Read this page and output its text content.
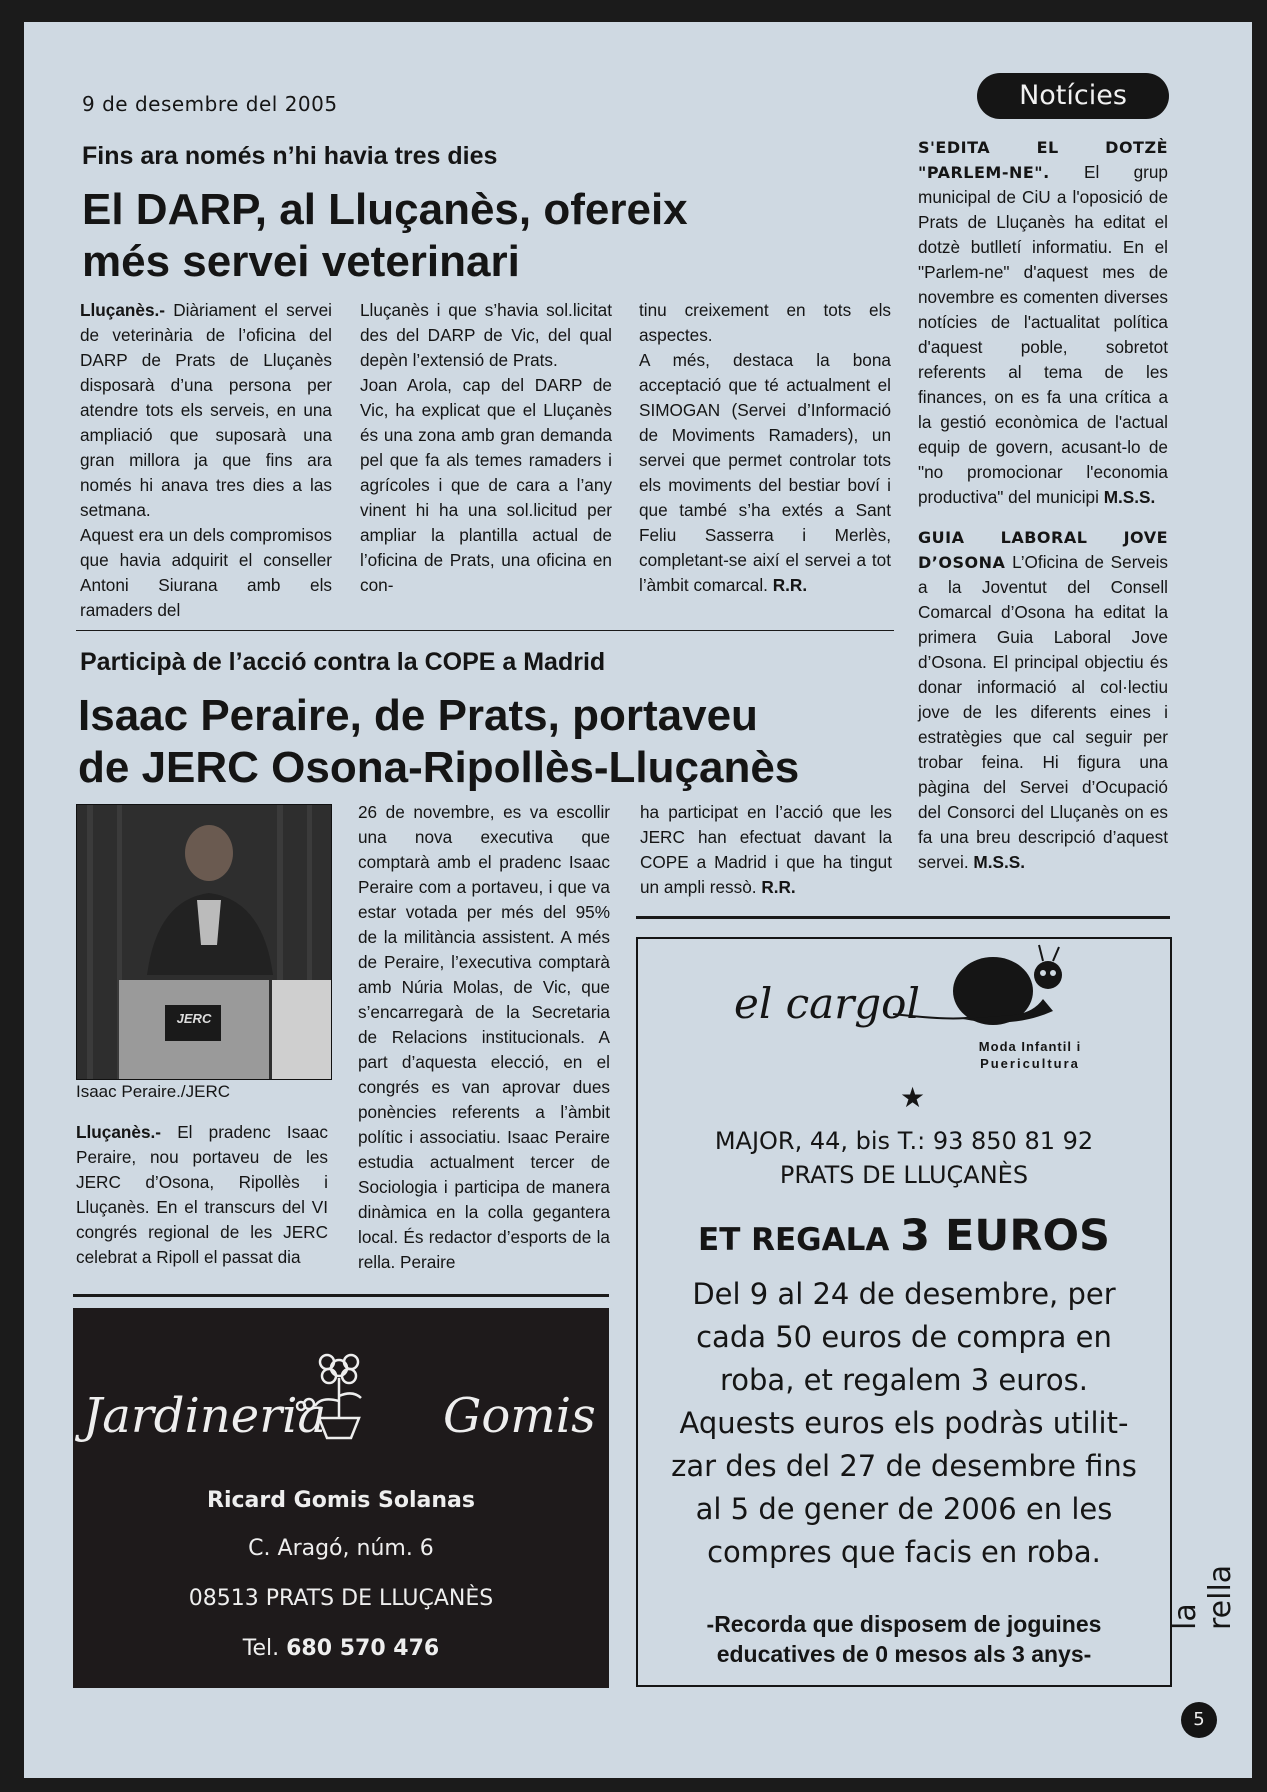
9 de desembre del 2005	Notícies
Fins ara només n’hi havia tres dies
El DARP, al Lluçanès, ofereix
més servei veterinari

Lluçanès.- Diàriament el servei de veterinària de l’oficina del DARP de Prats de Lluçanès disposarà d’una persona per atendre tots els serveis, en una ampliació que suposarà una gran millora ja que fins ara només hi anava tres dies a las setmana.

Aquest era un dels compromisos que havia adquirit el conseller Antoni Siurana amb els ramaders del

Lluçanès i que s’havia sol.licitat des del DARP de Vic, del qual depèn l’extensió de Prats.

Joan Arola, cap del DARP de Vic, ha explicat que el Lluçanès és una zona amb gran demanda pel que fa als temes ramaders i agrícoles i que de cara a l’any vinent hi ha una sol.licitud per ampliar la plantilla actual de l’oficina de Prats, una oficina en con-

tinu creixement en tots els aspectes.

A més, destaca la bona acceptació que té actualment el SIMOGAN (Servei d’Informació de Moviments Ramaders), un servei que permet controlar tots els moviments del bestiar boví i que també s’ha extés a Sant Feliu Sasserra i Merlès, completant-se així el servei a tot l’àmbit comarcal. R.R.

S'EDITA EL DOTZÈ "PARLEM-NE". El grup municipal de CiU a l'oposició de Prats de Lluçanès ha editat el dotzè butlletí informatiu. En el "Parlem-ne" d'aquest mes de novembre es comenten diverses notícies de l'actualitat política d'aquest poble, sobretot referents al tema de les finances, on es fa una crítica a la gestió econòmica de l'actual equip de govern, acusant-lo de "no promocionar l'economia productiva" del municipi M.S.S.

GUIA LABORAL JOVE D’OSONA L’Oficina de Serveis a la Joventut del Consell Comarcal d’Osona ha editat la primera Guia Laboral Jove d’Osona. El principal objectiu és donar informació al col·lectiu jove de les diferents eines i estratègies que cal seguir per trobar feina. Hi figura una pàgina del Servei d’Ocupació del Consorci del Lluçanès on es fa una breu descripció d’aquest servei. M.S.S.

Participà de l’acció contra la COPE a Madrid
Isaac Peraire, de Prats, portaveu
de JERC Osona-Ripollès-Lluçanès
JERC
Isaac Peraire./JERC

Lluçanès.- El pradenc Isaac Peraire, nou portaveu de les JERC d’Osona, Ripollès i Lluçanès. En el transcurs del VI congrés regional de les JERC celebrat a Ripoll el passat dia

26 de novembre, es va escollir una nova executiva que comptarà amb el pradenc Isaac Peraire com a portaveu, i que va estar votada per més del 95% de la militància assistent. A més de Peraire, l’executiva comptarà amb Núria Molas, de Vic, que s’encarregarà de la Secretaria de Relacions institucionals. A part d’aquesta elecció, en el congrés es van aprovar dues ponències referents a l’àmbit polític i associatiu. Isaac Peraire estudia actualment tercer de Sociologia i participa de manera dinàmica en la colla gegantera local. És redactor d’esports de la rella. Peraire

ha participat en l’acció que les JERC han efectuat davant la COPE a Madrid i que ha tingut un ampli ressò. R.R.

Jardineria Gomis
Ricard Gomis Solanas
C. Aragó, núm. 6
08513 PRATS DE LLUÇANÈS
Tel. 680 570 476
el cargol
Moda Infantil i
Puericultura
★
MAJOR, 44, bis T.: 93 850 81 92
PRATS DE LLUÇANÈS
ET REGALA 3 EUROS
Del 9 al 24 de desembre, per
cada 50 euros de compra en
roba, et regalem 3 euros.
Aquests euros els podràs utilit-
zar des del 27 de desembre fins
al 5 de gener de 2006 en les
compres que facis en roba.
-Recorda que disposem de joguines
educatives de 0 mesos als 3 anys-
la rella
5
